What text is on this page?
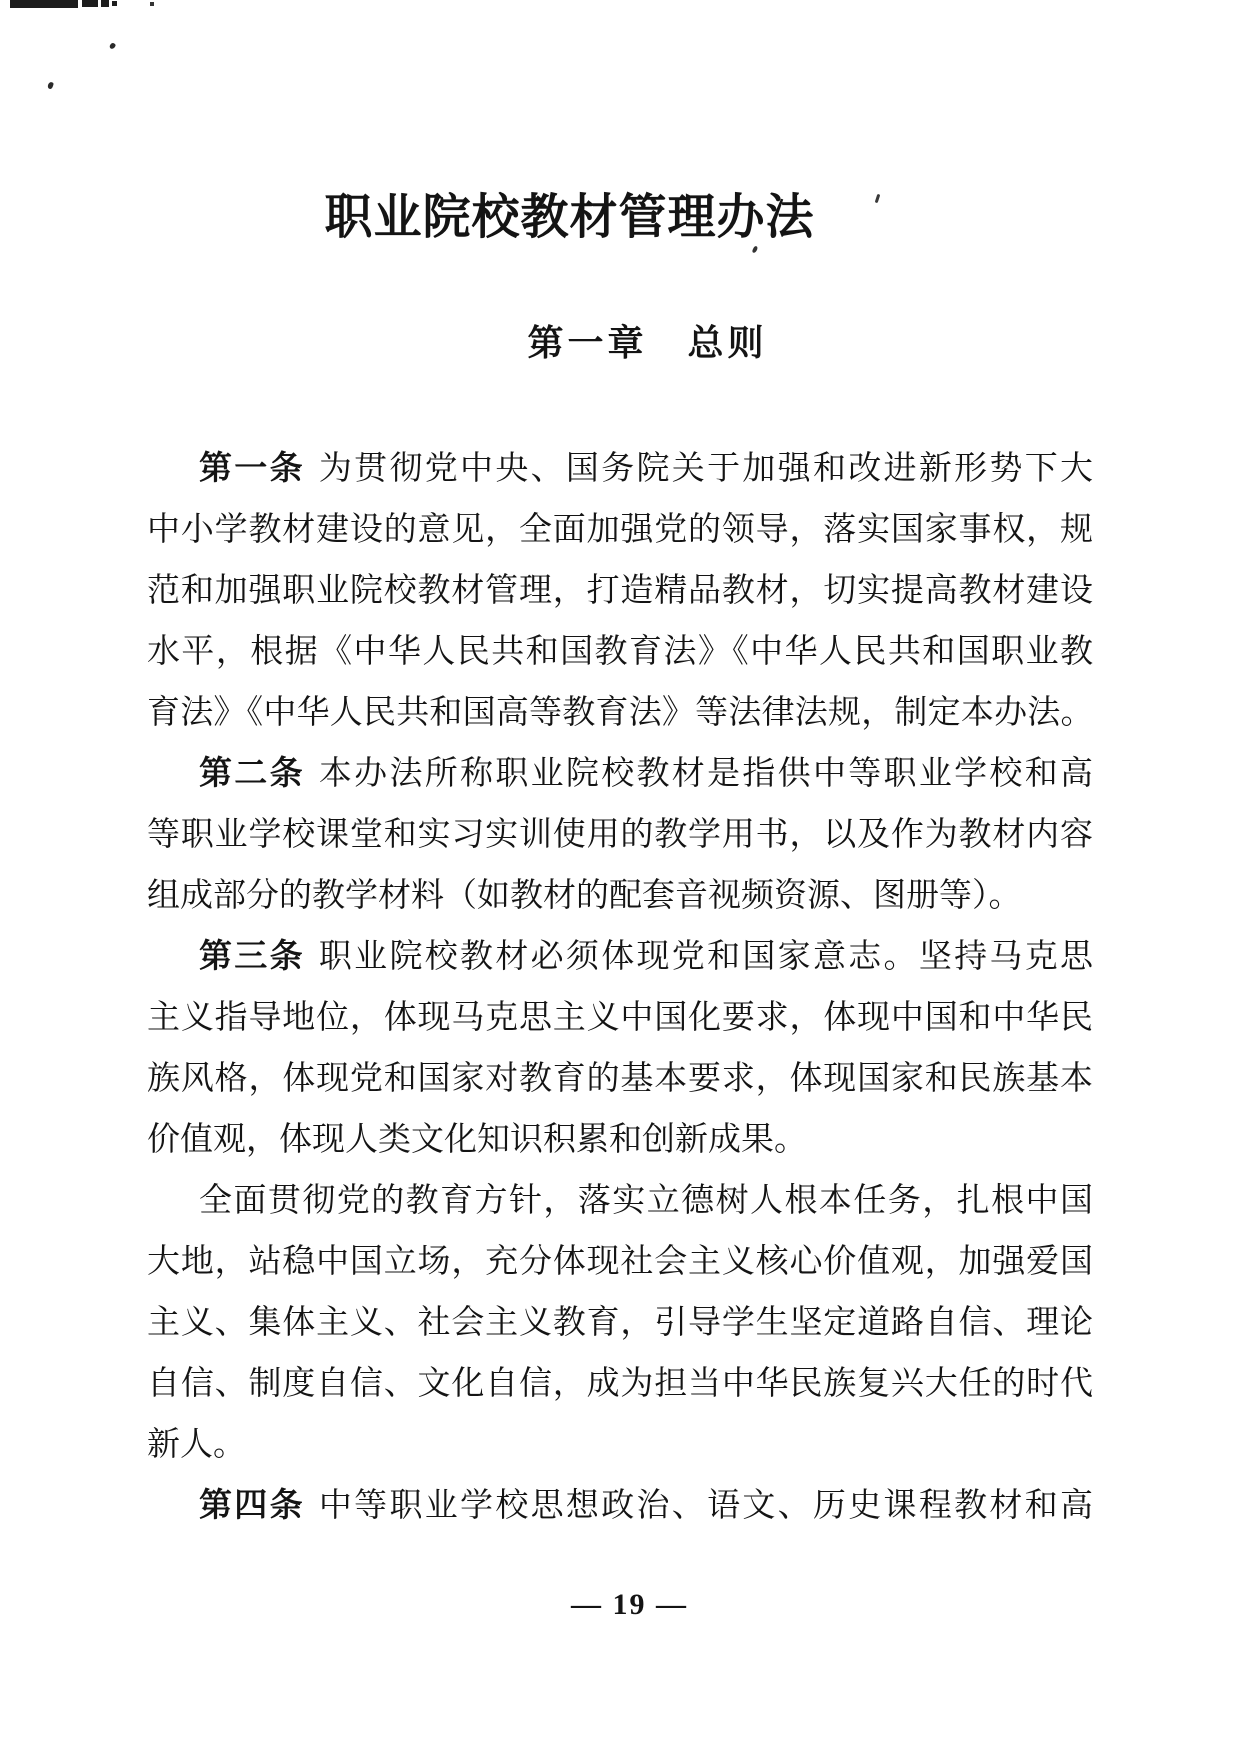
职业院校教材管理办法
第一章　总则
第一条 为贯彻党中央、国务院关于加强和改进新形势下大
中小学教材建设的意见，全面加强党的领导，落实国家事权，规
范和加强职业院校教材管理，打造精品教材，切实提高教材建设
水平，根据《中华人民共和国教育法》《中华人民共和国职业教
育法》《中华人民共和国高等教育法》等法律法规，制定本办法。
第二条 本办法所称职业院校教材是指供中等职业学校和高
等职业学校课堂和实习实训使用的教学用书，以及作为教材内容
组成部分的教学材料（如教材的配套音视频资源、图册等）。
第三条 职业院校教材必须体现党和国家意志。坚持马克思
主义指导地位，体现马克思主义中国化要求，体现中国和中华民
族风格，体现党和国家对教育的基本要求，体现国家和民族基本
价值观，体现人类文化知识积累和创新成果。
全面贯彻党的教育方针，落实立德树人根本任务，扎根中国
大地，站稳中国立场，充分体现社会主义核心价值观，加强爱国
主义、集体主义、社会主义教育，引导学生坚定道路自信、理论
自信、制度自信、文化自信，成为担当中华民族复兴大任的时代
新人。
第四条 中等职业学校思想政治、语文、历史课程教材和高
— 19 —
